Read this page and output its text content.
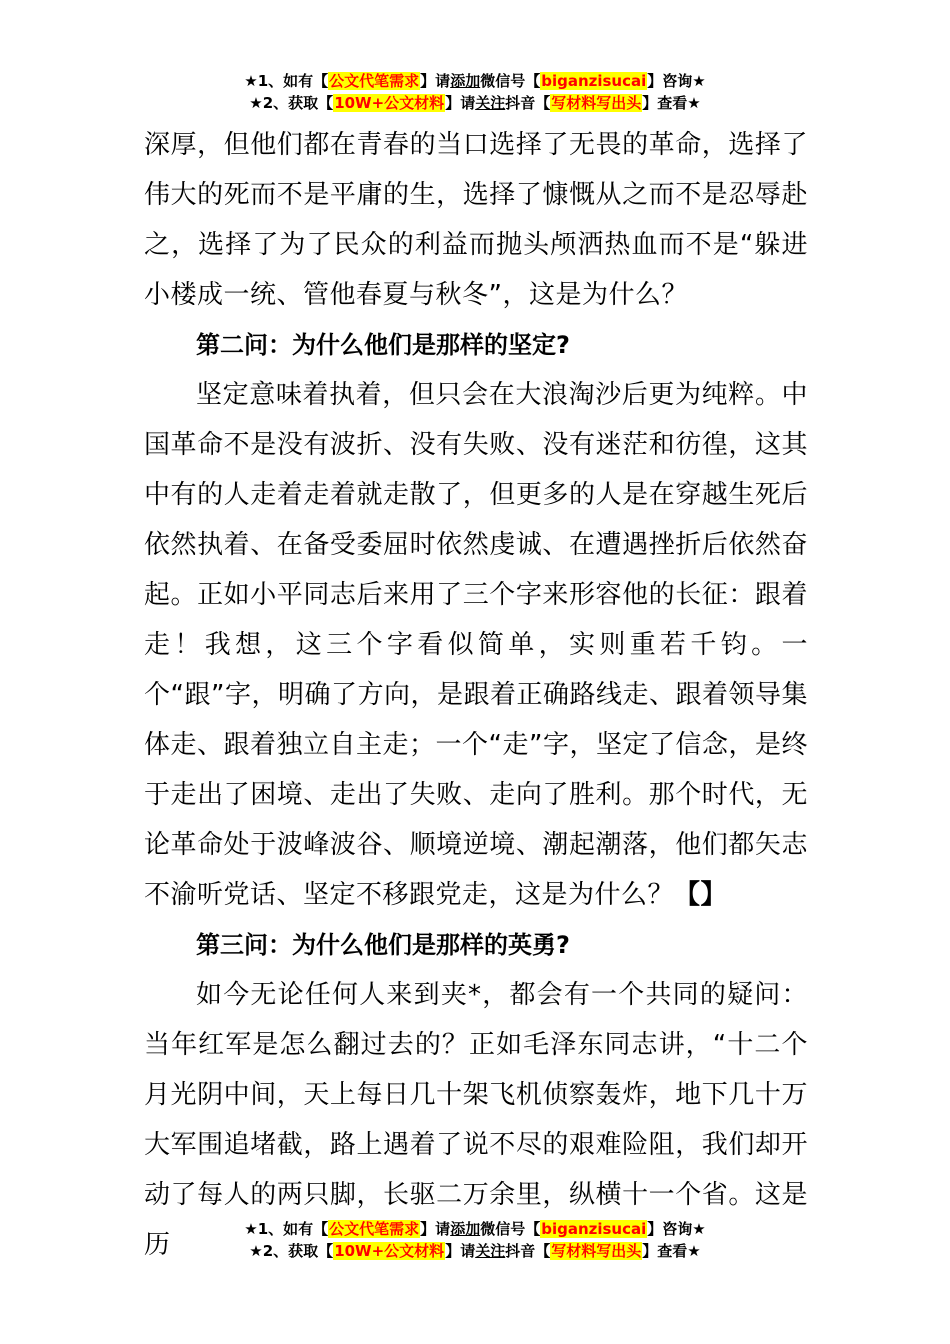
★1、如有【公文代笔需求】请添加微信号【biganzisucai】咨询★
★2、获取【10W+公文材料】请关注抖音【写材料写出头】查看★

深厚，但他们都在青春的当口选择了无畏的革命，选择了伟大的死而不是平庸的生，选择了慷慨从之而不是忍辱赴之，选择了为了民众的利益而抛头颅洒热血而不是“躲进小楼成一统、管他春夏与秋冬”，这是为什么？

第二问：为什么他们是那样的坚定?

坚定意味着执着，但只会在大浪淘沙后更为纯粹。中国革命不是没有波折、没有失败、没有迷茫和彷徨，这其中有的人走着走着就走散了，但更多的人是在穿越生死后依然执着、在备受委屈时依然虔诚、在遭遇挫折后依然奋起。正如小平同志后来用了三个字来形容他的长征：跟着走！我想，这三个字看似简单，实则重若千钧。一个“跟”字，明确了方向，是跟着正确路线走、跟着领导集体走、跟着独立自主走；一个“走”字，坚定了信念，是终于走出了困境、走出了失败、走向了胜利。那个时代，无论革命处于波峰波谷、顺境逆境、潮起潮落，他们都矢志不渝听党话、坚定不移跟党走，这是为什么？【】

第三问：为什么他们是那样的英勇?

如今无论任何人来到夹*，都会有一个共同的疑问：当年红军是怎么翻过去的？正如毛泽东同志讲，“十二个月光阴中间，天上每日几十架飞机侦察轰炸，地下几十万大军围追堵截，路上遇着了说不尽的艰难险阻，我们却开动了每人的两只脚，长驱二万余里，纵横十一个省。这是历

★1、如有【公文代笔需求】请添加微信号【biganzisucai】咨询★
★2、获取【10W+公文材料】请关注抖音【写材料写出头】查看★
